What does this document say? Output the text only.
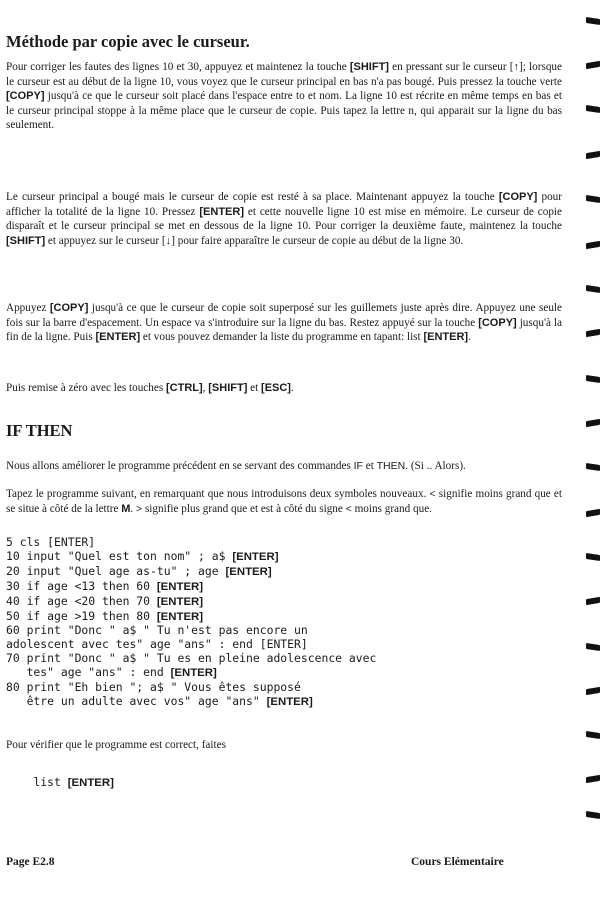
Méthode par copie avec le curseur.

Pour corriger les fautes des lignes 10 et 30, appuyez et maintenez la touche [SHIFT] en pressant sur le curseur [↑]; lorsque le curseur est au début de la ligne 10, vous voyez que le curseur principal en bas n'a pas bougé. Puis pressez la touche verte [COPY] jusqu'à ce que le curseur soit placé dans l'espace entre to et nom. La ligne 10 est récrite en même temps en bas et le curseur principal stoppe à la même place que le curseur de copie. Puis tapez la lettre n, qui apparait sur la ligne du bas seulement.

Le curseur principal a bougé mais le curseur de copie est resté à sa place. Maintenant appuyez la touche [COPY] pour afficher la totalité de la ligne 10. Pressez [ENTER] et cette nouvelle ligne 10 est mise en mémoire. Le curseur de copie disparaît et le curseur principal se met en dessous de la ligne 10. Pour corriger la deuxième faute, maintenez la touche [SHIFT] et appuyez sur le curseur [↓] pour faire apparaître le curseur de copie au début de la ligne 30.

Appuyez [COPY] jusqu'à ce que le curseur de copie soit superposé sur les guillemets juste après dire. Appuyez une seule fois sur la barre d'espacement. Un espace va s'introduire sur la ligne du bas. Restez appuyé sur la touche [COPY] jusqu'à la fin de la ligne. Puis [ENTER] et vous pouvez demander la liste du programme en tapant: list [ENTER].

Puis remise à zéro avec les touches [CTRL], [SHIFT] et [ESC].

IF THEN

Nous allons améliorer le programme précédent en se servant des commandes IF et THEN. (Si .. Alors).

Tapez le programme suivant, en remarquant que nous introduisons deux symboles nouveaux. < signifie moins grand que et se situe à côté de la lettre M. > signifie plus grand que et est à côté du signe < moins grand que.

5 cls [ENTER]
10 input "Quel est ton nom" ; a$ [ENTER]
20 input "Quel age as-tu" ; age [ENTER]
30 if age <13 then 60 [ENTER]
40 if age <20 then 70 [ENTER]
50 if age >19 then 80 [ENTER]
60 print "Donc " a$ " Tu n'est pas encore un
adolescent avec tes" age "ans" : end [ENTER]
70 print "Donc " a$ " Tu es en pleine adolescence avec
tes" age "ans" : end [ENTER]
80 print "Eh bien "; a$ " Vous êtes supposé
être un adulte avec vos" age "ans" [ENTER]

Pour vérifier que le programme est correct, faites

list [ENTER]

Page E2.8	Cours Elémentaire
